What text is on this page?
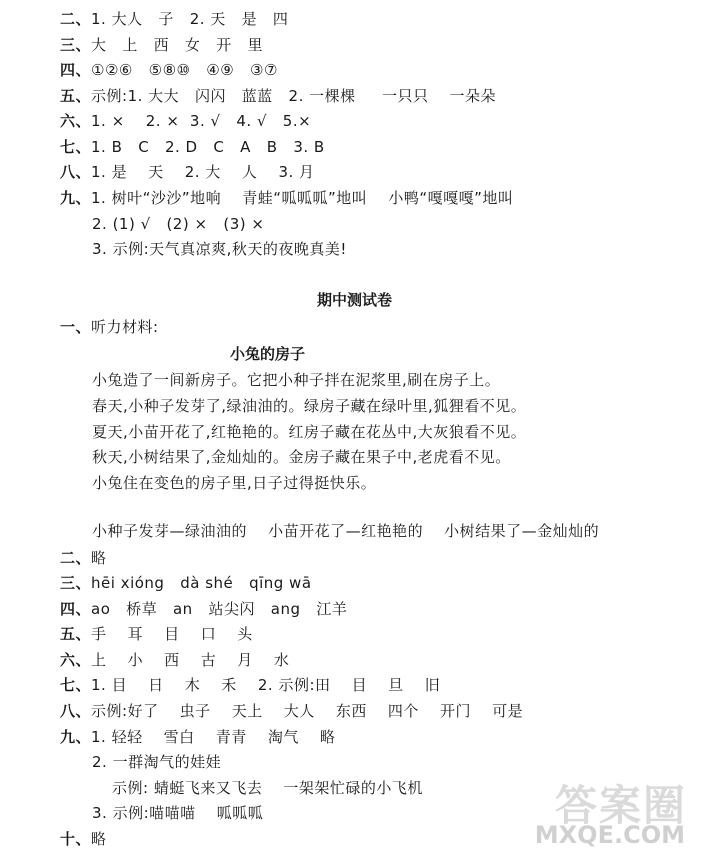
二、1. 大人   子   2. 天   是   四
三、大   上   西   女   开   里
四、①②⑥   ⑤⑧⑩   ④⑨   ③⑦
五、示例:1. 大大   闪闪   蓝蓝   2. 一棵棵     一只只    一朵朵
六、1. ×    2. ×  3. √   4. √   5.×
七、1. B   C   2. D   C   A   B   3. B
八、1. 是    天    2. 大    人    3. 月
九、1. 树叶“沙沙”地响    青蛙“呱呱呱”地叫    小鸭“嘎嘎嘎”地叫
2. (1) √   (2) ×   (3) ×
3. 示例:天气真凉爽,秋天的夜晚真美!
期中测试卷
一、听力材料:
小兔的房子
小兔造了一间新房子。它把小种子拌在泥浆里,刷在房子上。
春天,小种子发芽了,绿油油的。绿房子藏在绿叶里,狐狸看不见。
夏天,小苗开花了,红艳艳的。红房子藏在花丛中,大灰狼看不见。
秋天,小树结果了,金灿灿的。金房子藏在果子中,老虎看不见。
小兔住在变色的房子里,日子过得挺快乐。
小种子发芽—绿油油的    小苗开花了—红艳艳的    小树结果了—金灿灿的
二、略
三、hēi xióng   dà shé   qīng wā
四、ao   桥草   an   站尖闪   ang   江羊
五、手    耳    目    口    头
六、上    小    西    古    月    水
七、1. 目    日    木    禾    2. 示例:田    目    旦    旧
八、示例:好了    虫子    天上    大人    东西    四个    开门    可是
九、1. 轻轻    雪白    青青    淘气    略
2. 一群淘气的娃娃
示例: 蜻蜓飞来又飞去    一架架忙碌的小飞机
3. 示例:喵喵喵    呱呱呱
十、略
答案圈
MXQE.COM
